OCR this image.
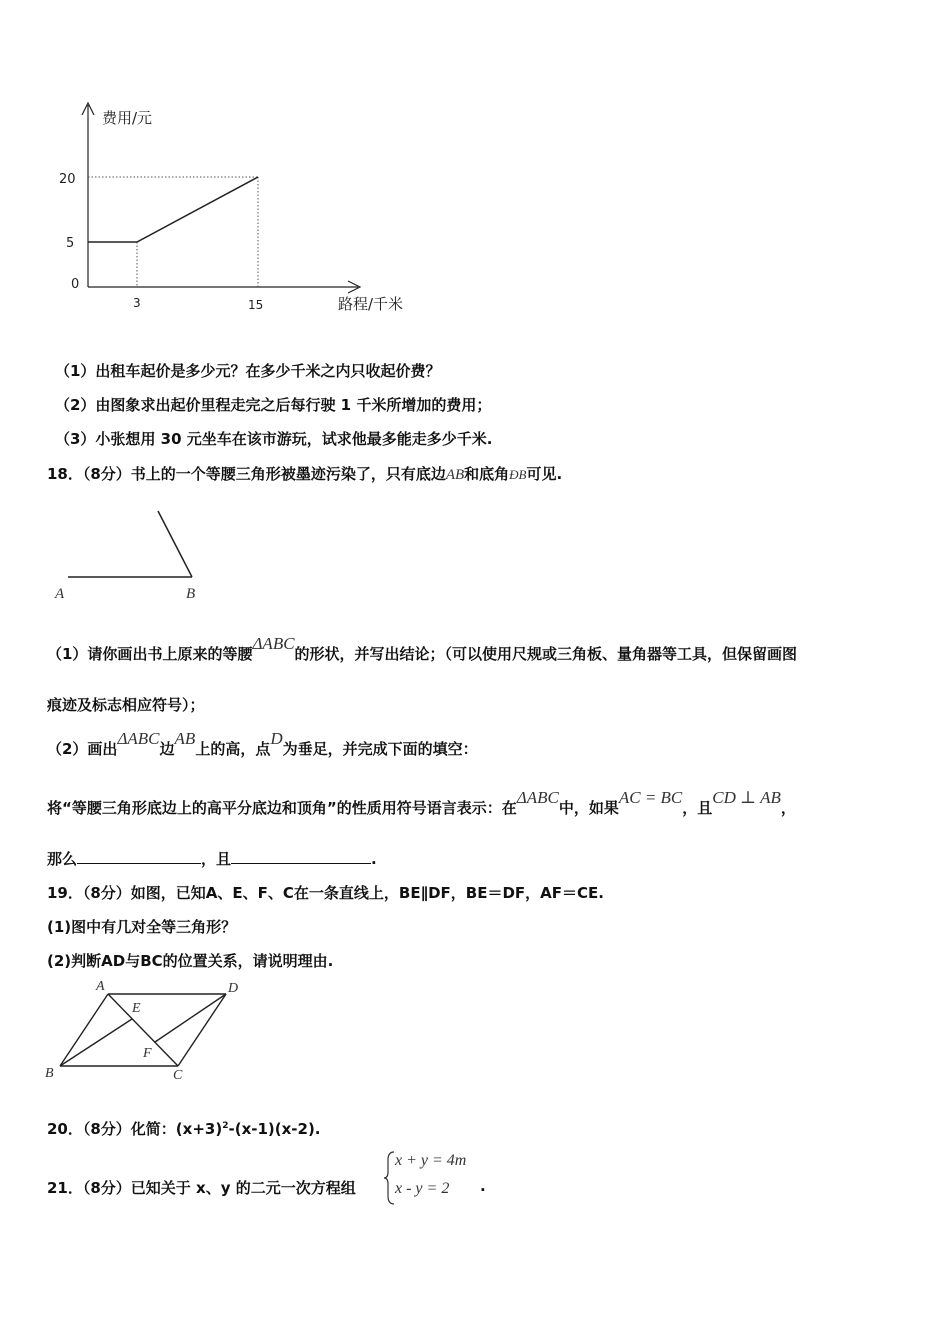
费用/元
路程/千米
20
5
0
3	15
（1）出租车起价是多少元？在多少千米之内只收起价费？
（2）由图象求出起价里程走完之后每行驶 1 千米所增加的费用；
（3）小张想用 30 元坐车在该市游玩，试求他最多能走多少千米.
18．（8分）书上的一个等腰三角形被墨迹污染了，只有底边AB和底角ÐB可见.
A	B
（1）请你画出书上原来的等腰ΔABC的形状，并写出结论；（可以使用尺规或三角板、量角器等工具，但保留画图
痕迹及标志相应符号）；
（2）画出ΔABC边AB上的高，点D为垂足，并完成下面的填空：
将“等腰三角形底边上的高平分底边和顶角”的性质用符号语言表示：在ΔABC中，如果AC = BC，且CD ⊥ AB，
那么	，且	.
19．（8分）如图，已知A、E、F、C在一条直线上，BE∥DF，BE＝DF，AF＝CE.
(1)图中有几对全等三角形？
(2)判断AD与BC的位置关系，请说明理由.
A	D
E
F
B	C
20．（8分）化简：$(x+3)^2-(x-1)(x-2)$.
21．（8分）已知关于 x、y 的二元一次方程组
x + y = 4m
x - y = 2 .
